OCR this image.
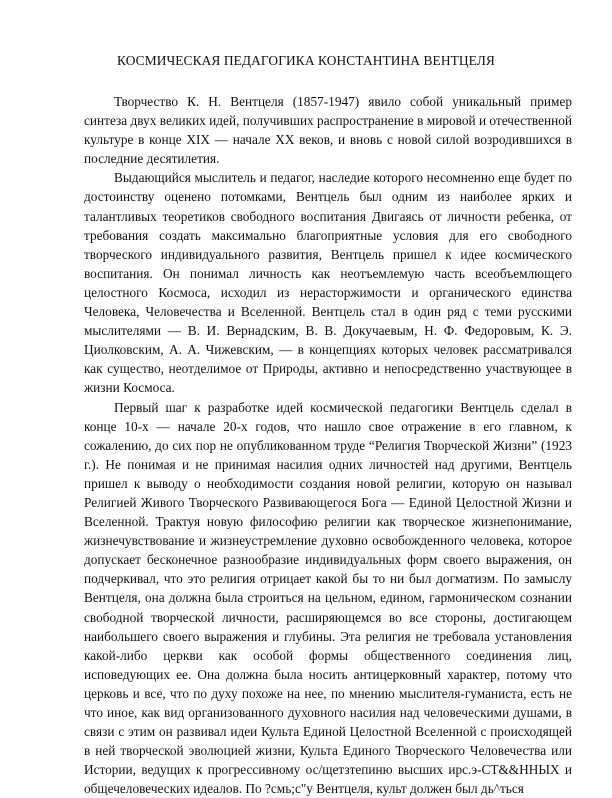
КОСМИЧЕСКАЯ ПЕДАГОГИКА КОНСТАНТИНА ВЕНТЦЕЛЯ

Творчество К. Н. Вентцеля (1857-1947) явило собой уникальный пример синтеза двух великих идей, получивших распространение в мировой и отечественной культуре в конце XIX — начале XX веков, и вновь с новой силой возродившихся в последние десятилетия.

Выдающийся мыслитель и педагог, наследие которого несомненно еще будет по достоинству оценено потомками, Вентцель был одним из наиболее ярких и талантливых теоретиков свободного воспитания Двигаясь от личности ребенка, от требования создать максимально благоприятные условия для его свободного творческого индивидуального развития, Вентцель пришел к идее космического воспитания. Он понимал личность как неотъемлемую часть всеобъемлющего целостного Космоса, исходил из нерасторжимости и органического единства Человека, Человечества и Вселенной. Вентцель стал в один ряд с теми русскими мыслителями — В. И. Вернадским, В. В. Докучаевым, Н. Ф. Федоровым, К. Э. Циолковским, А. А. Чижевским, — в концепциях которых человек рассматривался как существо, неотделимое от Природы, активно и непосредственно участвующее в жизни Космоса.

Первый шаг к разработке идей космической педагогики Вентцель сделал в конце 10-х — начале 20-х годов, что нашло свое отражение в его главном, к сожалению, до сих пор не опубликованном труде “Религия Творческой Жизни” (1923 г.). Не понимая и не принимая насилия одних личностей над другими, Вентцель пришел к выводу о необходимости создания новой религии, которую он называл Религией Живого Творческого Развивающегося Бога — Единой Целостной Жизни и Вселенной. Трактуя новую философию религии как творческое жизнепонимание, жизнечувствование и жизнеустремление духовно освобожденного человека, которое допускает бесконечное разнообразие индивидуальных форм своего выражения, он подчеркивал, что это религия отрицает какой бы то ни был догматизм. По замыслу Вентцеля, она должна была строиться на цельном, едином, гармоническом сознании свободной творческой личности, расширяющемся во все стороны, достигающем наибольшего своего выражения и глубины. Эта религия не требовала установления какой-либо церкви как особой формы общественного соединения лиц, исповедующих ее. Она должна была носить антицерковный характер, потому что церковь и все, что по духу похоже на нее, по мнению мыслителя-гуманиста, есть не что иное, как вид организованного духовного насилия над человеческими душами, в связи с этим он развивал идеи Культа Единой Целостной Вселенной с происходящей в ней творческой эволюцией жизни, Культа Единого Творческого Человечества или Истории, ведущих к прогрессивному ос/щетзтепиню высших ирс.э-СТ&&ННЫХ и общечеловеческих идеалов. По ?смь;с"у Вентцеля, культ должен был дь^ться
